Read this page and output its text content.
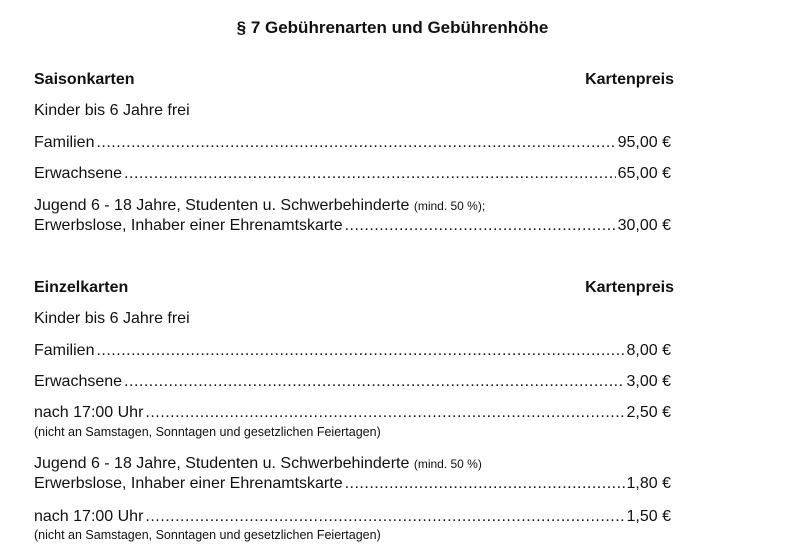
§ 7 Gebührenarten und Gebührenhöhe
Saisonkarten	Kartenpreis
Kinder bis 6 Jahre frei
Familien .....	95,00 €
Erwachsene .....	65,00 €
Jugend 6 - 18 Jahre, Studenten u. Schwerbehinderte (mind. 50 %);
Erwerbslose, Inhaber einer Ehrenamtskarte .....	30,00 €
Einzelkarten	Kartenpreis
Kinder bis 6 Jahre frei
Familien .....	8,00 €
Erwachsene .....	3,00 €
nach 17:00 Uhr .....	2,50 €
(nicht an Samstagen, Sonntagen und gesetzlichen Feiertagen)
Jugend 6 - 18 Jahre, Studenten u. Schwerbehinderte (mind. 50 %)
Erwerbslose, Inhaber einer Ehrenamtskarte .....	1,80 €
nach 17:00 Uhr .....	1,50 €
(nicht an Samstagen, Sonntagen und gesetzlichen Feiertagen)
